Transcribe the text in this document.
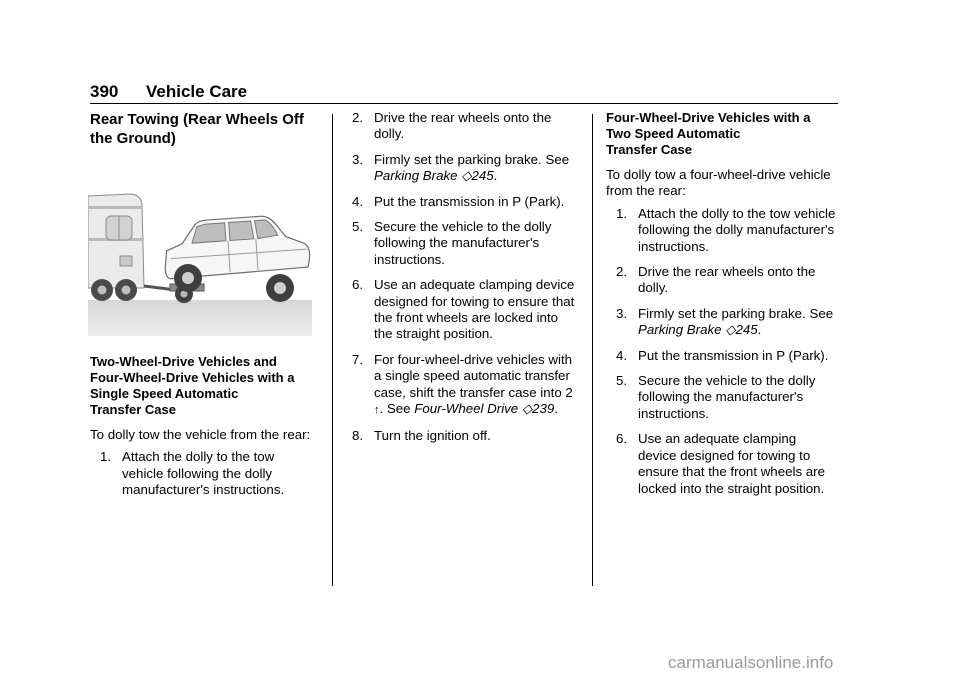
390 Vehicle Care
Rear Towing (Rear Wheels Off the Ground)
Two-Wheel-Drive Vehicles and
Four-Wheel-Drive Vehicles with a
Single Speed Automatic
Transfer Case
To dolly tow the vehicle from the rear:
1. Attach the dolly to the tow vehicle following the dolly manufacturer's instructions.
2. Drive the rear wheels onto the dolly.
3. Firmly set the parking brake. See Parking Brake ◇245.
4. Put the transmission in P (Park).
5. Secure the vehicle to the dolly following the manufacturer's instructions.
6. Use an adequate clamping device designed for towing to ensure that the front wheels are locked into the straight position.
7. For four-wheel-drive vehicles with a single speed automatic transfer case, shift the transfer case into 2 ↑. See Four-Wheel Drive ◇239.
8. Turn the ignition off.
Four-Wheel-Drive Vehicles with a
Two Speed Automatic
Transfer Case
To dolly tow a four-wheel-drive vehicle from the rear:
1. Attach the dolly to the tow vehicle following the dolly manufacturer's instructions.
2. Drive the rear wheels onto the dolly.
3. Firmly set the parking brake. See Parking Brake ◇245.
4. Put the transmission in P (Park).
5. Secure the vehicle to the dolly following the manufacturer's instructions.
6. Use an adequate clamping device designed for towing to ensure that the front wheels are locked into the straight position.
carmanualsonline.info
